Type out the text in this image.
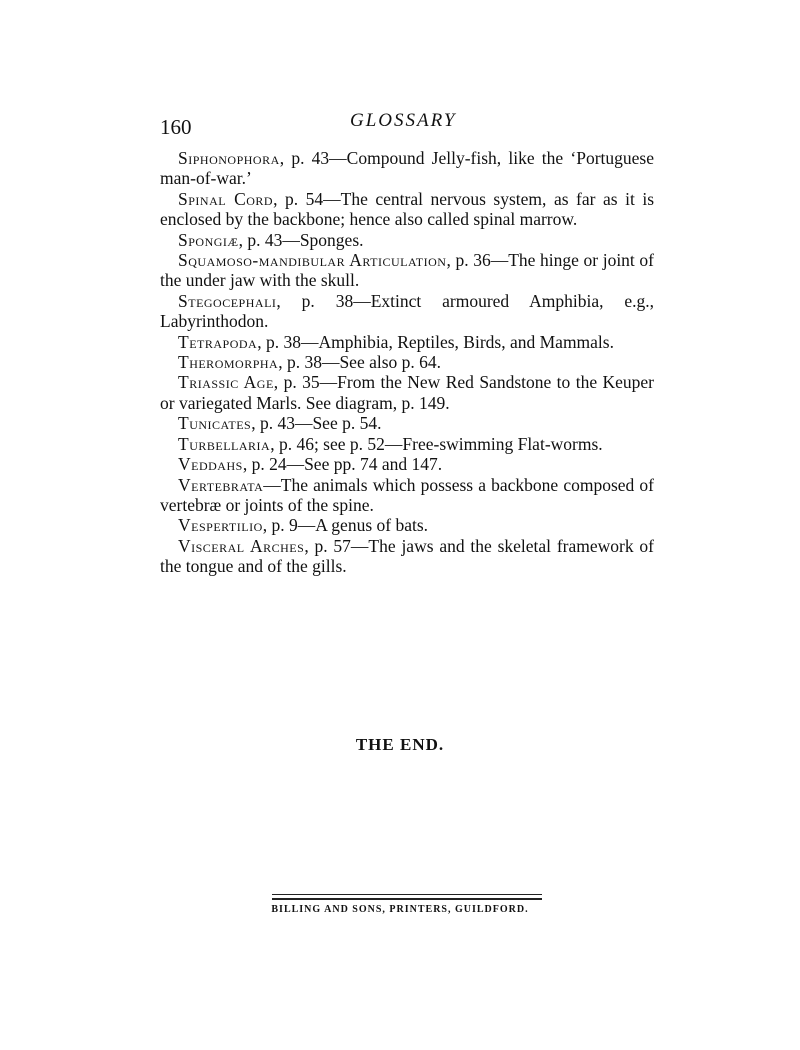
160	GLOSSARY

Siphonophora, p. 43—Compound Jelly-fish, like the ‘Portuguese man-of-war.’

Spinal Cord, p. 54—The central nervous system, as far as it is enclosed by the backbone; hence also called spinal marrow.

Spongiæ, p. 43—Sponges.

Squamoso-mandibular Articulation, p. 36—The hinge or joint of the under jaw with the skull.

Stegocephali, p. 38—Extinct armoured Amphibia, e.g., Labyrinthodon.

Tetrapoda, p. 38—Amphibia, Reptiles, Birds, and Mammals.

Theromorpha, p. 38—See also p. 64.

Triassic Age, p. 35—From the New Red Sandstone to the Keuper or variegated Marls. See diagram, p. 149.

Tunicates, p. 43—See p. 54.

Turbellaria, p. 46; see p. 52—Free-swimming Flat-worms.

Veddahs, p. 24—See pp. 74 and 147.

Vertebrata—The animals which possess a backbone composed of vertebræ or joints of the spine.

Vespertilio, p. 9—A genus of bats.

Visceral Arches, p. 57—The jaws and the skeletal framework of the tongue and of the gills.

THE END.
BILLING AND SONS, PRINTERS, GUILDFORD.
